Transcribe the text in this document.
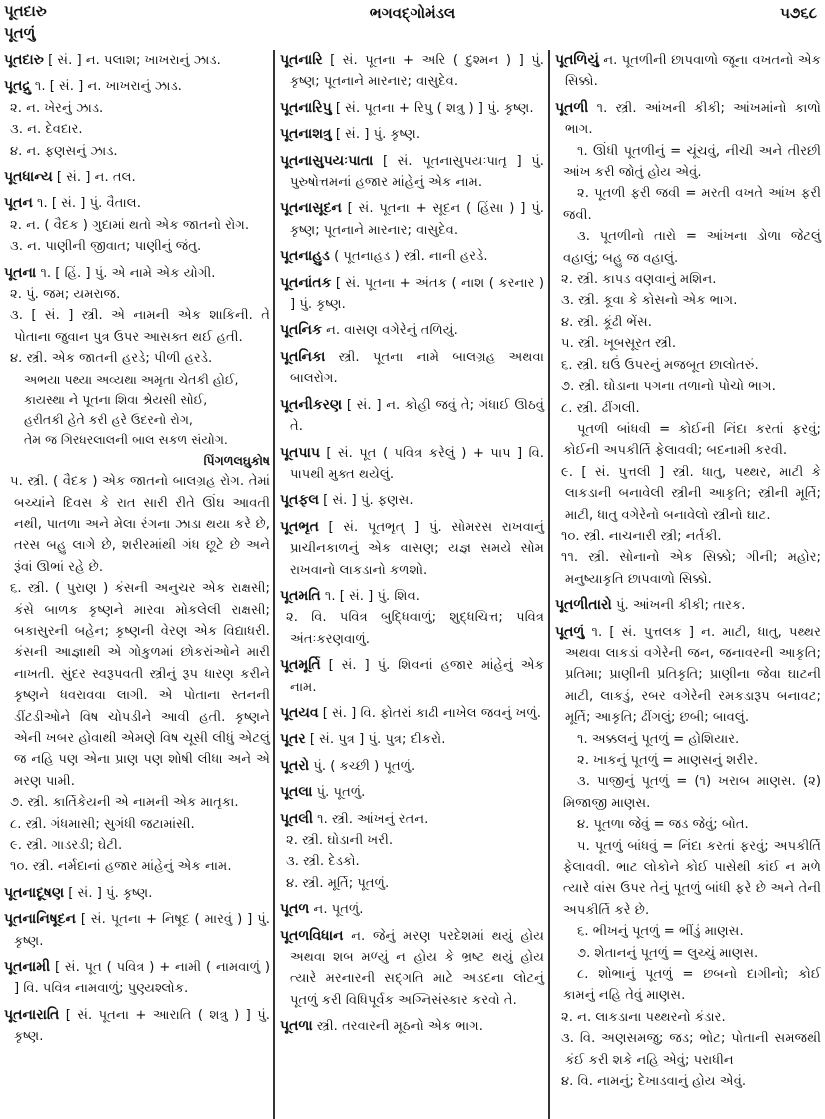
પૂતદારુ
પૂતળું
ભગવદ્ગોમંડલ	૫૭૬૮
પૂતદારુ [ સં. ] ન. પલાશ; ખાખરાનું ઝાડ.
પૂતદ્રુ ૧. [ સં. ] ન. ખાખરાનું ઝાડ.
૨. ન. ખેરનું ઝાડ.
૩. ન. દેવદાર.
૪. ન. ફણસનું ઝાડ.
પૂતધાન્ય [ સં. ] ન. તલ.
પૂતન ૧. [ સં. ] પું. વૈતાલ.
૨. ન. ( વૈદક ) ગુદામાં થતો એક જાતનો રોગ.
૩. ન. પાણીની જીવાત; પાણીનું જંતુ.
પૂતના ૧. [ હિં. ] પું. એ નામે એક યોગી.
૨. પું. જમ; યમરાજ.
૩. [ સં. ] સ્ત્રી. એ નામની એક શાકિની. તે પોતાના જુવાન પુત્ર ઉપર આસક્ત થઈ હતી.
૪. સ્ત્રી. એક જાતની હરડે; પીળી હરડે.
અભયા પથ્યા અવ્યથા અમૃતા ચેતકી હોઈ,
કાયસ્થા ને પૂતના શિવા શ્રેયસી સોઈ,
હરીતકી હેતે કરી હરે ઉદરનો રોગ,
તેમ જ ગિરધરલાલની બાલ સકળ સંયોગ.
પિંગળલઘુકોષ
૫. સ્ત્રી. ( વૈદક ) એક જાતનો બાલગ્રહ રોગ. તેમાં બચ્ચાંને દિવસ કે રાત સારી રીતે ઊંઘ આવતી નથી, પાતળા અને મેલા રંગના ઝાડા થયા કરે છે, તરસ બહુ લાગે છે, શરીરમાંથી ગંધ છૂટે છે અને રૂંવાં ઊભાં રહે છે.
૬. સ્ત્રી. ( પુરાણ ) કંસની અનુચર એક રાક્ષસી; કંસે બાળક કૃષ્ણને મારવા મોકલેલી રાક્ષસી; બકાસુરની બહેન; કૃષ્ણની વેરણ એક વિદ્યાધરી. કંસની આજ્ઞાથી એ ગોકુળમાં છોકરાંઓને મારી નાખતી. સુંદર સ્વરૂપવતી સ્ત્રીનું રૂપ ધારણ કરીને કૃષ્ણને ધવરાવવા લાગી. એ પોતાના સ્તનની ડીંટડીઓને વિષ ચોપડીને આવી હતી. કૃષ્ણને એની ખબર હોવાથી એમણે વિષ ચૂસી લીધું એટલું જ નહિ પણ એના પ્રાણ પણ શોષી લીધા અને એ મરણ પામી.
૭. સ્ત્રી. કાર્તિકેયની એ નામની એક માતૃકા.
૮. સ્ત્રી. ગંધમાસી; સુગંધી જટામાંસી.
૯. સ્ત્રી. ગાડરડી; ઘેટી.
૧૦. સ્ત્રી. નર્મદાનાં હજાર માંહેનું એક નામ.
પૂતનાદૂષણ [ સં. ] પું. કૃષ્ણ.
પૂતનાનિષૂદન [ સં. પૂતના + નિષૂદ ( મારવું ) ] પું. કૃષ્ણ.
પૂતનામી [ સં. પૂત ( પવિત્ર ) + નામી ( નામવાળું ) ] વિ. પવિત્ર નામવાળું; પુણ્યશ્લોક.
પૂતનારાતિ [ સં. પૂતના + આરાતિ ( શત્રુ ) ] પું. કૃષ્ણ.
પૂતનારિ [ સં. પૂતના + અરિ ( દુશ્મન ) ] પું. કૃષ્ણ; પૂતનાને મારનાર; વાસુદેવ.
પૂતનારિપુ [ સં. પૂતના + રિપુ ( શત્રુ ) ] પું. કૃષ્ણ.
પૂતનાશત્રુ [ સં. ] પું. કૃષ્ણ.
પૂતનાસુપયઃપાતા [ સં. પૂતનાસુપયઃપાતૃ ] પું. પુરુષોત્તમનાં હજાર માંહેનું એક નામ.
પૂતનાસૂદન [ સં. પૂતના + સૂદન ( હિંસા ) ] પું. કૃષ્ણ; પૂતનાને મારનાર; વાસુદેવ.
પૂતનાહુડ ( પૂતનાહડ ) સ્ત્રી. નાની હરડે.
પૂતનાંતક [ સં. પૂતના + અંતક ( નાશ ( કરનાર ) ] પું. કૃષ્ણ.
પૂતનિક ન. વાસણ વગેરેનું તળિયું.
પૂતનિકા સ્ત્રી. પૂતના નામે બાલગ્રહ અથવા બાલરોગ.
પૂતનીકરણ [ સં. ] ન. કોહી જવું તે; ગંધાઈ ઊઠવું તે.
પૂતપાપ [ સં. પૂત ( પવિત્ર કરેલું ) + પાપ ] વિ. પાપથી મુક્ત થયેલું.
પૂતફલ [ સં. ] પું. ફણસ.
પૂતભૃત [ સં. પૂતભૃત્ ] પું. સોમરસ રાખવાનું પ્રાચીનકાળનું એક વાસણ; યજ્ઞ સમયે સોમ રાખવાનો લાકડાનો કળશો.
પૂતમતિ ૧. [ સં. ] પું. શિવ.
૨. વિ. પવિત્ર બુદ્ધિવાળું; શુદ્ધચિત્ત; પવિત્ર અંતઃકરણવાળું.
પૂતમૂર્તિ [ સં. ] પું. શિવનાં હજાર માંહેનું એક નામ.
પૂતયવ [ સં. ] વિ. ફોતરાં કાઢી નાખેલ જવનું ખળું.
પૂતર [ સં. પુત્ર ] પું. પુત્ર; દીકરો.
પૂતરો પું. ( કચ્છી ) પૂતળું.
પૂતલા પું. પૂતળું.
પૂતલી ૧. સ્ત્રી. આંખનું રતન.
૨. સ્ત્રી. ઘોડાની ખરી.
૩. સ્ત્રી. દેડકો.
૪. સ્ત્રી. મૂર્તિ; પૂતળું.
પૂતળ ન. પૂતળું.
પૂતળવિધાન ન. જેનું મરણ પરદેશમાં થયું હોય અથવા શબ મળ્યું ન હોય કે ભ્રષ્ટ થયું હોય ત્યારે મરનારની સદ્ગતિ માટે અડદના લોટનું પૂતળું કરી વિધિપૂર્વક અગ્નિસંસ્કાર કરવો તે.
પૂતળા સ્ત્રી. તરવારની મૂઠનો એક ભાગ.
પૂતળિયું ન. પૂતળીની છાપવાળો જૂના વખતનો એક સિક્કો.
પૂતળી ૧. સ્ત્રી. આંખની કીકી; આંખમાંનો કાળો ભાગ.
૧. ઊંધી પૂતળીનું = ચૂંચવું, નીચી અને તીરછી આંખ કરી જોતું હોય એવું.
૨. પૂતળી ફરી જવી = મરતી વખતે આંખ ફરી જવી.
૩. પૂતળીનો તારો = આંખના ડોળા જેટલું વહાલું; બહુ જ વહાલું.
૨. સ્ત્રી. કાપડ વણવાનું મશિન.
૩. સ્ત્રી. કૂવા કે કોસનો એક ભાગ.
૪. સ્ત્રી. કૂંઢી ભેંસ.
૫. સ્ત્રી. ખૂબસૂરત સ્ત્રી.
૬. સ્ત્રી. ઘઉં ઉપરનું મજબૂત છાલોતરું.
૭. સ્ત્રી. ઘોડાના પગના તળાનો પોચો ભાગ.
૮. સ્ત્રી. ઢીંગલી.
પૂતળી બાંધવી = કોઈની નિંદા કરતાં ફરવું; કોઈની અપકીર્તિ ફેલાવવી; બદનામી કરવી.
૯. [ સં. પુત્તલી ] સ્ત્રી. ધાતુ, પથ્થર, માટી કે લાકડાની બનાવેલી સ્ત્રીની આકૃતિ; સ્ત્રીની મૂર્તિ; માટી, ધાતુ વગેરેનો બનાવેલો સ્ત્રીનો ઘાટ.
૧૦. સ્ત્રી. નાચનારી સ્ત્રી; નર્તકી.
૧૧. સ્ત્રી. સોનાનો એક સિક્કો; ગીની; મહોર; મનુષ્યાકૃતિ છાપવાળો સિક્કો.
પૂતળીતારો પું. આંખની કીકી; તારક.
પૂતળું ૧. [ સં. પુત્તલક ] ન. માટી, ધાતુ, પથ્થર અથવા લાકડાં વગેરેની જન, જનાવરની આકૃતિ; પ્રતિમા; પ્રાણીની પ્રતિકૃતિ; પ્રાણીના જેવા ઘાટની માટી, લાકડું, રબર વગેરેની રમકડારૂપ બનાવટ; મૂર્તિ; આકૃતિ; ઢીંગલું; છબી; બાવલું.
૧. અક્કલનું પૂતળું = હોશિયાર.
૨. ખાકનું પૂતળું = માણસનું શરીર.
૩. પાજીનું પૂતળું = (૧) ખરાબ માણસ. (૨) મિજાજી માણસ.
૪. પૂતળા જેવું = જડ જેવું; બોત.
૫. પૂતળું બાંધવું = નિંદા કરતાં ફરવું; અપકીર્તિ ફેલાવવી. ભાટ લોકોને કોઈ પાસેથી કાંઈ ન મળે ત્યારે વાંસ ઉપર તેનું પૂતળું બાંધી ફરે છે અને તેની અપકીર્તિ કરે છે.
૬. ભીખનું પૂતળું = ભીંડું માણસ.
૭. શેતાનનું પૂતળું = લુચ્ચું માણસ.
૮. શોભાનું પૂતળું = છબનો દાગીનો; કોઈ કામનું નહિ તેવું માણસ.
૨. ન. લાકડાના પથ્થરનો કંડાર.
૩. વિ. અણસમજુ; જડ; ભોટ; પોતાની સમજથી કંઈ કરી શકે નહિ એવું; પરાધીન
૪. વિ. નામનું; દેખાડવાનું હોય એવું.
